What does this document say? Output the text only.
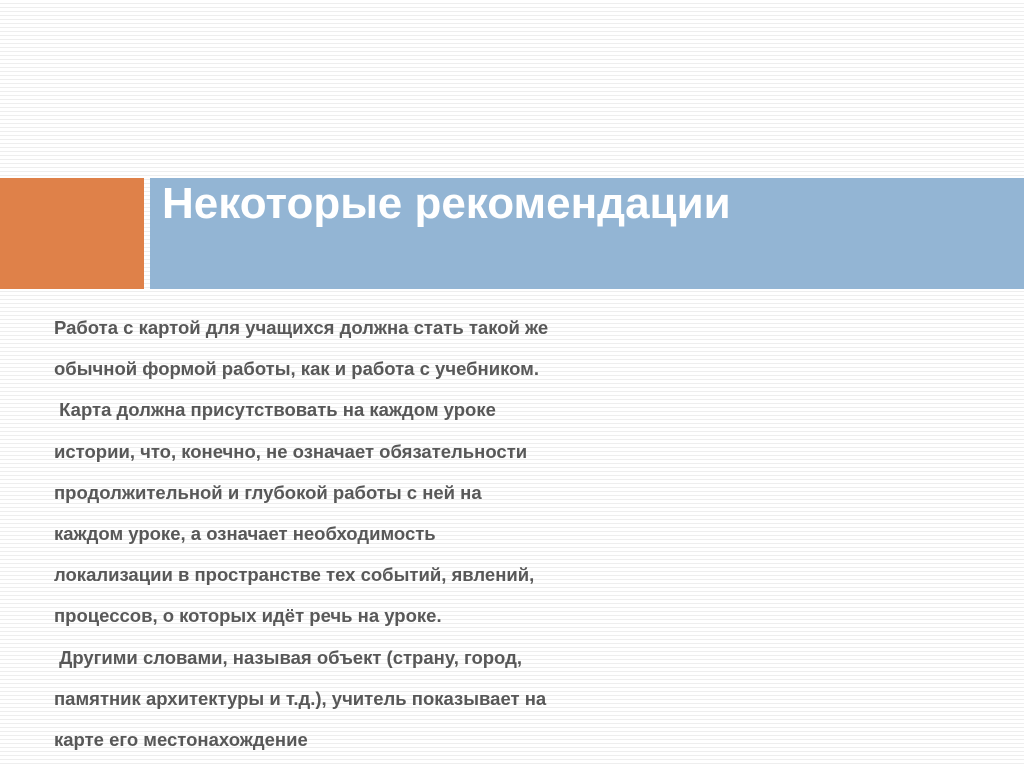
Некоторые рекомендации
Работа с картой для учащихся должна стать такой же
обычной формой работы, как и работа с учебником.
Карта должна присутствовать на каждом уроке
истории, что, конечно, не означает обязательности
продолжительной и глубокой работы с ней на
каждом уроке, а означает необходимость
локализации в пространстве тех событий, явлений,
процессов, о которых идёт речь на уроке.
Другими словами, называя объект (страну, город,
памятник архитектуры и т.д.), учитель показывает на
карте его местонахождение
